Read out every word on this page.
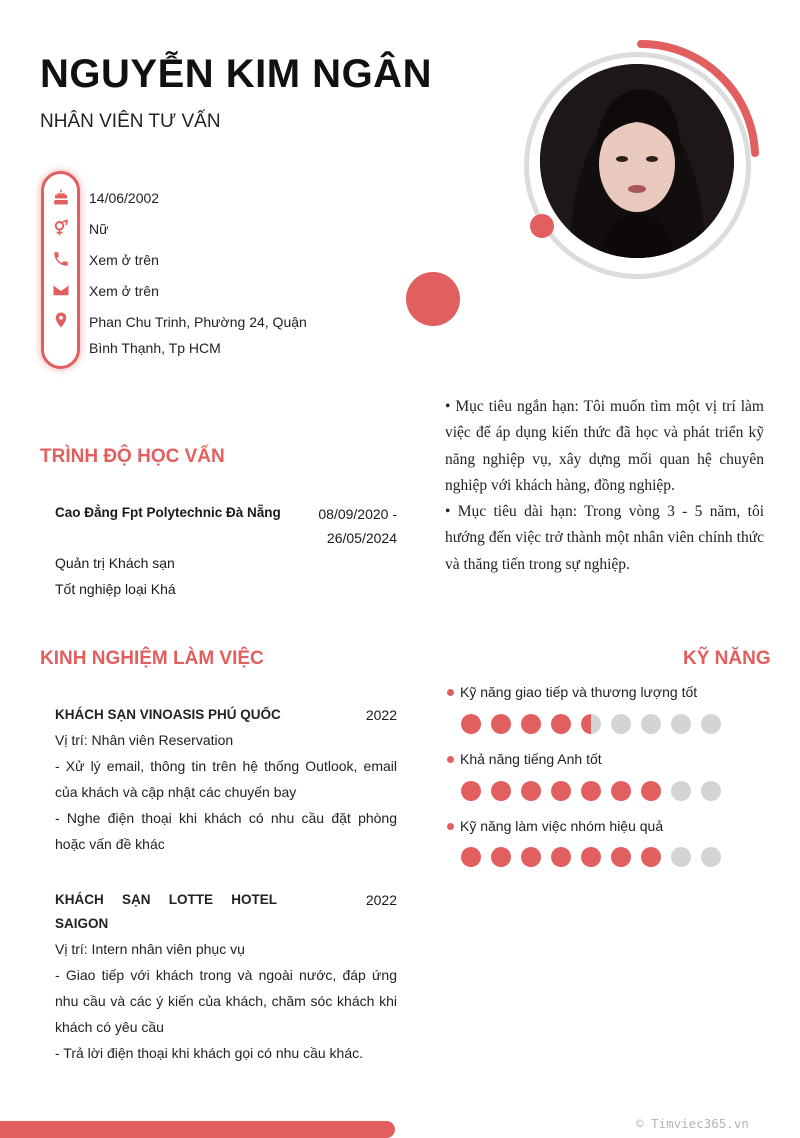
NGUYỄN KIM NGÂN
NHÂN VIÊN TƯ VẤN
14/06/2002
Nữ
Xem ở trên
Xem ở trên
Phan Chu Trinh, Phường 24, Quận Bình Thạnh, Tp HCM
• Mục tiêu ngắn hạn: Tôi muốn tìm một vị trí làm việc để áp dụng kiến thức đã học và phát triển kỹ năng nghiệp vụ, xây dựng mối quan hệ chuyên nghiệp với khách hàng, đồng nghiệp.
• Mục tiêu dài hạn: Trong vòng 3 - 5 năm, tôi hướng đến việc trở thành một nhân viên chính thức và thăng tiến trong sự nghiệp.
TRÌNH ĐỘ HỌC VẤN
Cao Đẳng Fpt Polytechnic Đà Nẵng	08/09/2020 -
26/05/2024
Quản trị Khách sạn
Tốt nghiệp loại Khá
KINH NGHIỆM LÀM VIỆC
KHÁCH SẠN VINOASIS PHÚ QUỐC
Vị trí: Nhân viên Reservation
- Xử lý email, thông tin trên hệ thống Outlook, email của khách và cập nhật các chuyến bay
- Nghe điện thoại khi khách có nhu cầu đặt phòng hoặc vấn đề khác
2022
KHÁCH SẠN LOTTE HOTEL SAIGON
Vị trí: Intern nhân viên phục vụ
- Giao tiếp với khách trong và ngoài nước, đáp ứng nhu cầu và các ý kiến của khách, chăm sóc khách khi khách có yêu cầu
- Trả lời điện thoại khi khách gọi có nhu cầu khác.
2022
KỸ NĂNG
Kỹ năng giao tiếp và thương lượng tốt
Khả năng tiếng Anh tốt
Kỹ năng làm việc nhóm hiệu quả
© Timviec365.vn
